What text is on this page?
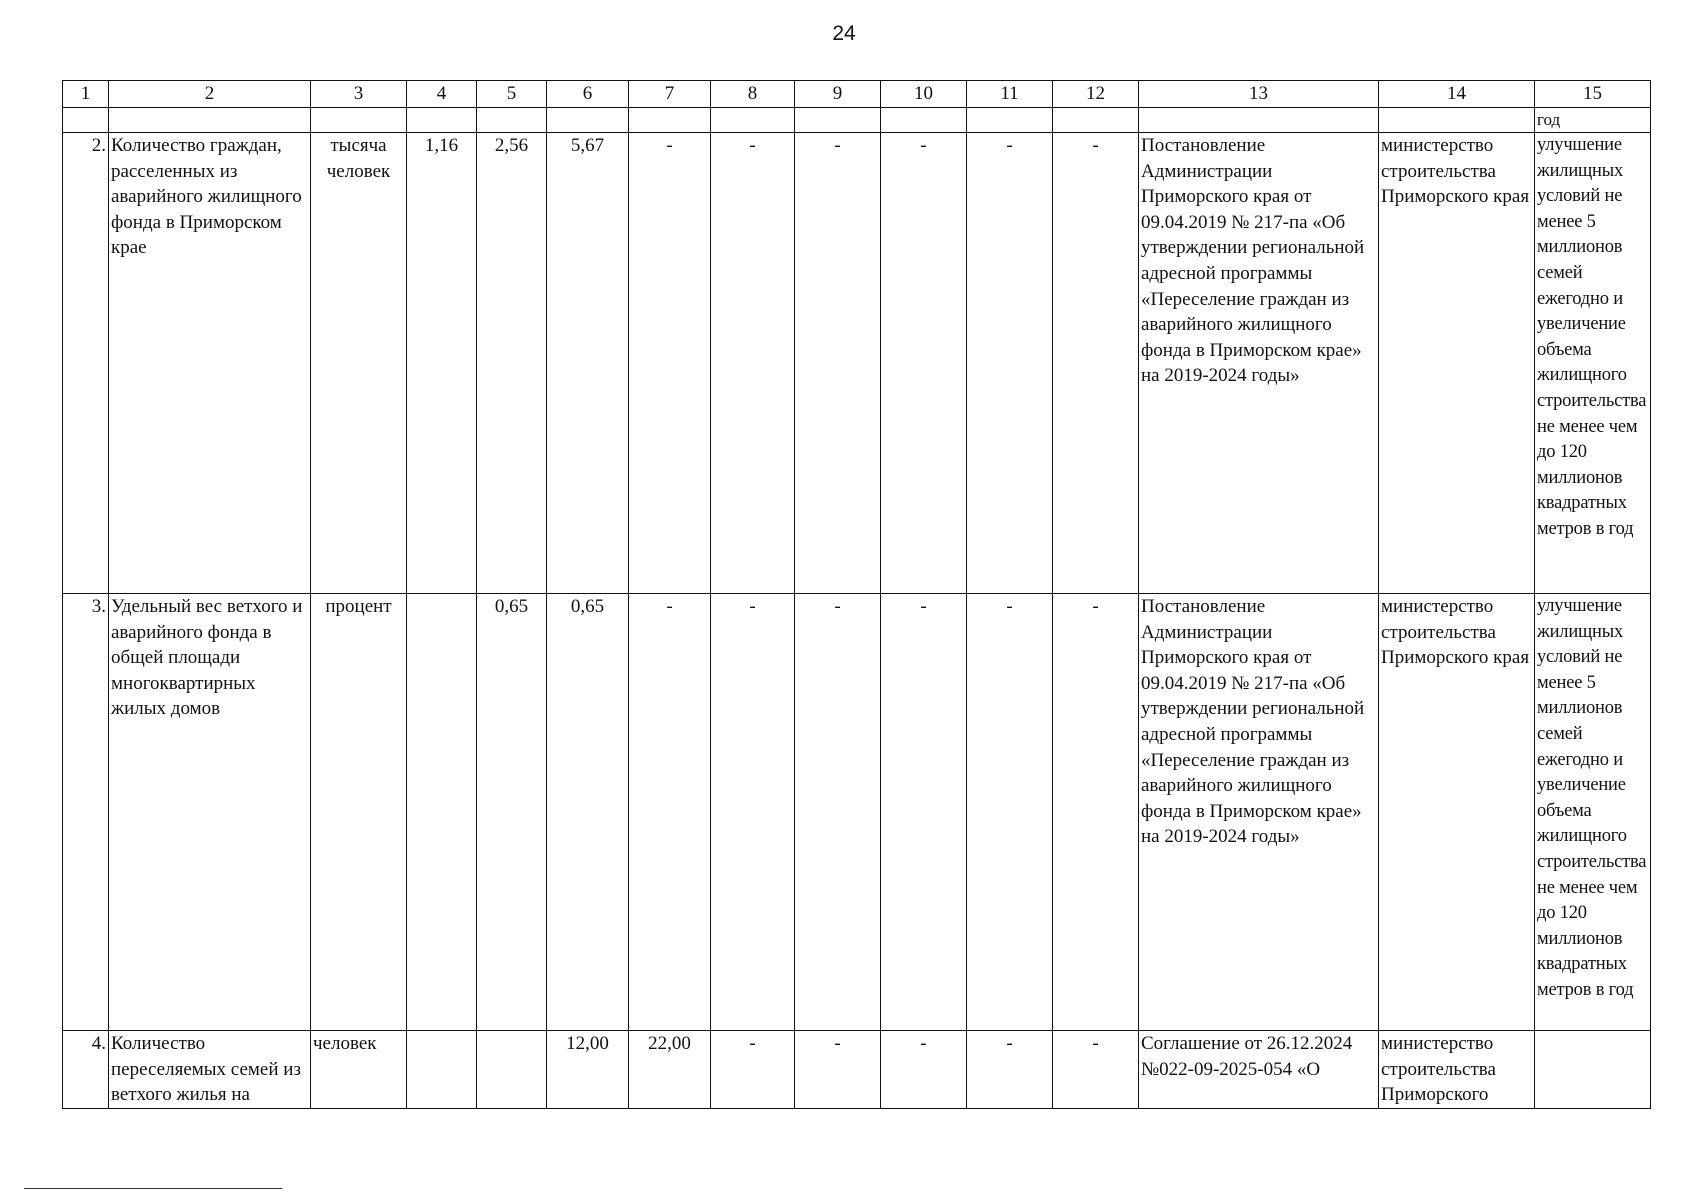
24
1	2	3	4	5	6	7	8	9	10	11	12	13	14	15
														год
2.	Количество граждан, расселенных из аварийного жилищного фонда в Приморском крае	тысяча человек	1,16	2,56	5,67	-	-	-	-	-	-	Постановление Администрации Приморского края от 09.04.2019 № 217-па «Об утверждении региональной адресной программы «Переселение граждан из аварийного жилищного фонда в Приморском крае» на 2019-2024 годы»	министерство строительства Приморского края	улучшение жилищных условий не менее 5 миллионов семей ежегодно и увеличение объема жилищного строительства не менее чем до 120 миллионов квадратных метров в год
3.	Удельный вес ветхого и аварийного фонда в общей площади многоквартирных жилых домов	процент		0,65	0,65	-	-	-	-	-	-	Постановление Администрации Приморского края от 09.04.2019 № 217-па «Об утверждении региональной адресной программы «Переселение граждан из аварийного жилищного фонда в Приморском крае» на 2019-2024 годы»	министерство строительства Приморского края	улучшение жилищных условий не менее 5 миллионов семей ежегодно и увеличение объема жилищного строительства не менее чем до 120 миллионов квадратных метров в год
4.	Количество переселяемых семей из ветхого жилья на	человек			12,00	22,00	-	-	-	-	-	Соглашение от 26.12.2024 №022-09-2025-054 «О	министерство строительства Приморского	
